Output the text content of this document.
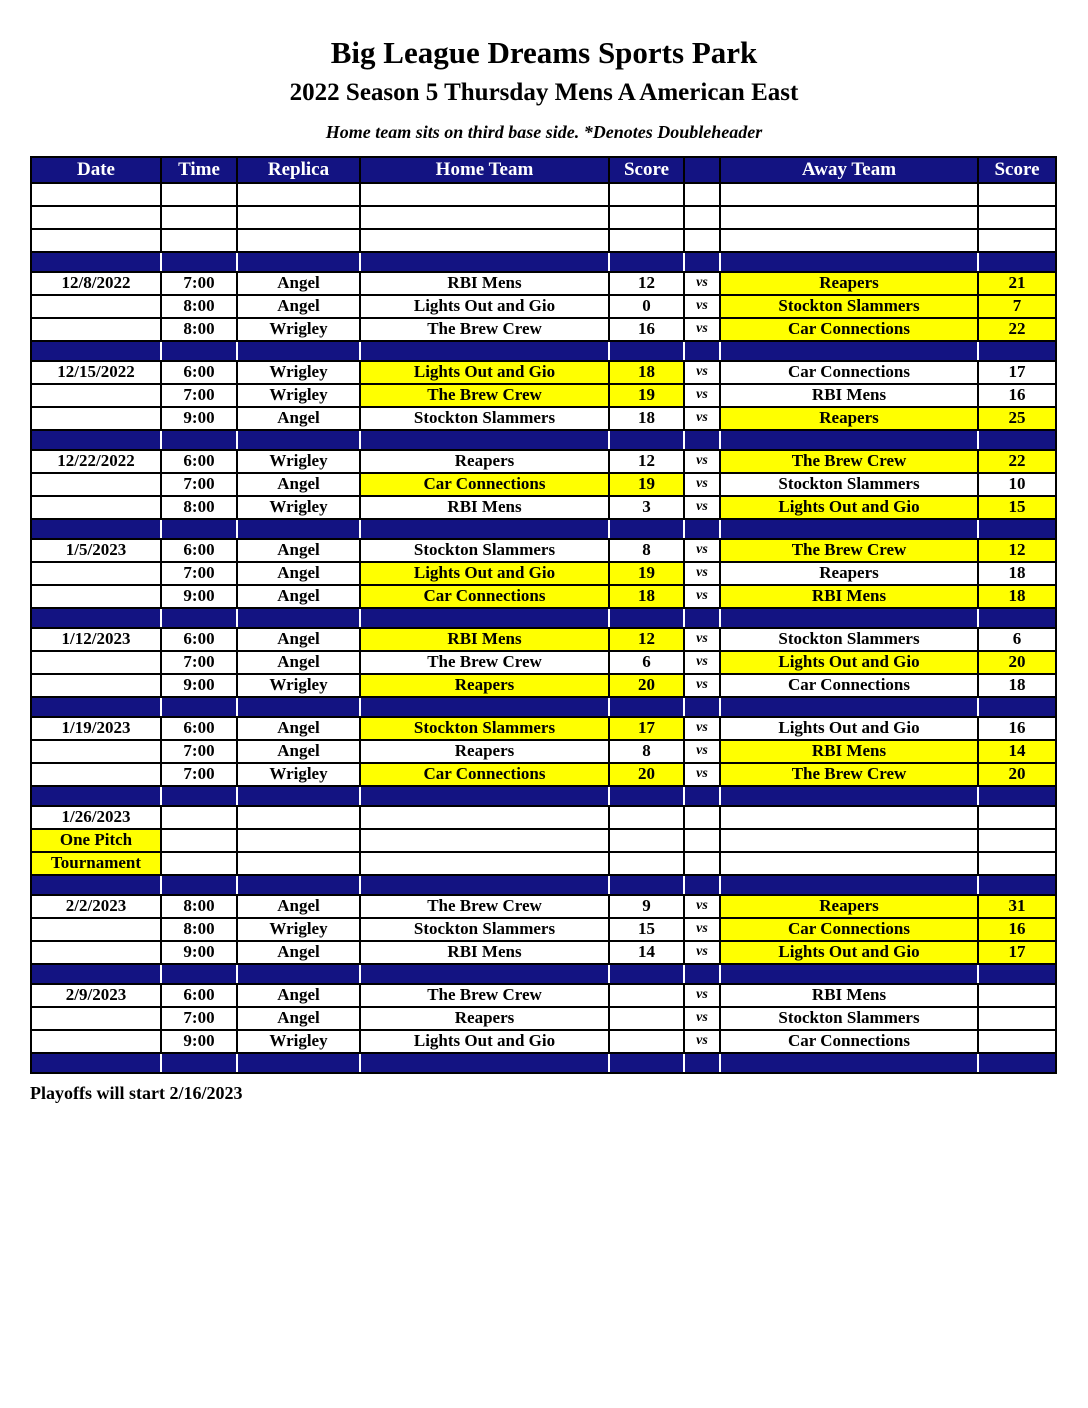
Big League Dreams Sports Park
2022 Season 5 Thursday Mens A American East
Home team sits on third base side. *Denotes Doubleheader
Date	Time	Replica	Home Team	Score		Away Team	Score

12/8/2022	7:00	Angel	RBI Mens	12	vs	Reapers	21
	8:00	Angel	Lights Out and Gio	0	vs	Stockton Slammers	7
	8:00	Wrigley	The Brew Crew	16	vs	Car Connections	22

12/15/2022	6:00	Wrigley	Lights Out and Gio	18	vs	Car Connections	17
	7:00	Wrigley	The Brew Crew	19	vs	RBI Mens	16
	9:00	Angel	Stockton Slammers	18	vs	Reapers	25

12/22/2022	6:00	Wrigley	Reapers	12	vs	The Brew Crew	22
	7:00	Angel	Car Connections	19	vs	Stockton Slammers	10
	8:00	Wrigley	RBI Mens	3	vs	Lights Out and Gio	15

1/5/2023	6:00	Angel	Stockton Slammers	8	vs	The Brew Crew	12
	7:00	Angel	Lights Out and Gio	19	vs	Reapers	18
	9:00	Angel	Car Connections	18	vs	RBI Mens	18

1/12/2023	6:00	Angel	RBI Mens	12	vs	Stockton Slammers	6
	7:00	Angel	The Brew Crew	6	vs	Lights Out and Gio	20
	9:00	Wrigley	Reapers	20	vs	Car Connections	18

1/19/2023	6:00	Angel	Stockton Slammers	17	vs	Lights Out and Gio	16
	7:00	Angel	Reapers	8	vs	RBI Mens	14
	7:00	Wrigley	Car Connections	20	vs	The Brew Crew	20

1/26/2023							
One Pitch							
Tournament							

2/2/2023	8:00	Angel	The Brew Crew	9	vs	Reapers	31
	8:00	Wrigley	Stockton Slammers	15	vs	Car Connections	16
	9:00	Angel	RBI Mens	14	vs	Lights Out and Gio	17

2/9/2023	6:00	Angel	The Brew Crew		vs	RBI Mens	
	7:00	Angel	Reapers		vs	Stockton Slammers	
	9:00	Wrigley	Lights Out and Gio		vs	Car Connections	

Playoffs will start 2/16/2023
